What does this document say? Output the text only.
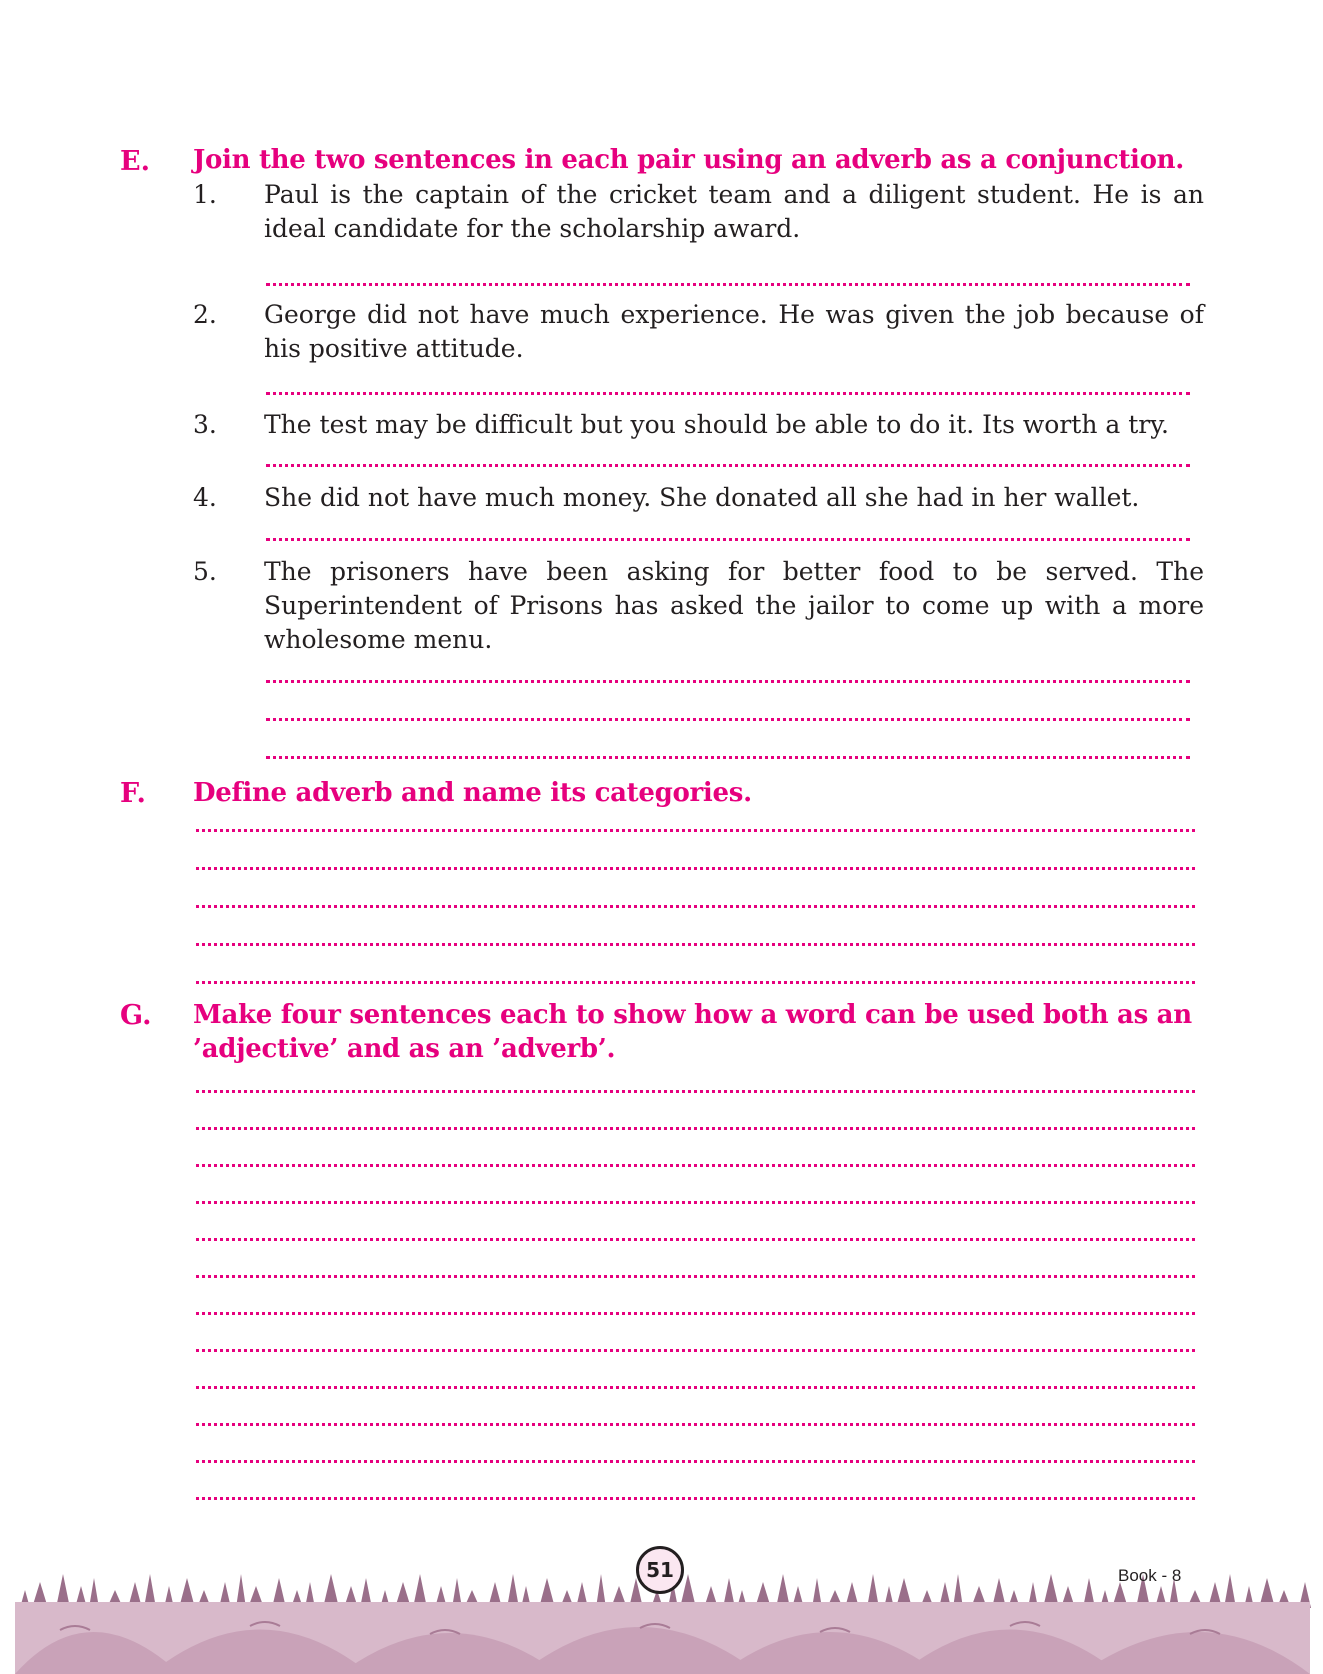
E. Join the two sentences in each pair using an adverb as a conjunction.
1. Paul is the captain of the cricket team and a diligent student. He is an ideal candidate for the scholarship award.
2. George did not have much experience. He was given the job because of his positive attitude.
3. The test may be difficult but you should be able to do it. Its worth a try.
4. She did not have much money. She donated all she had in her wallet.
5. The prisoners have been asking for better food to be served. The Superintendent of Prisons has asked the jailor to come up with a more wholesome menu.
F. Define adverb and name its categories.
G. Make four sentences each to show how a word can be used both as an ’adjective’ and as an ’adverb’.
51	Book - 8
